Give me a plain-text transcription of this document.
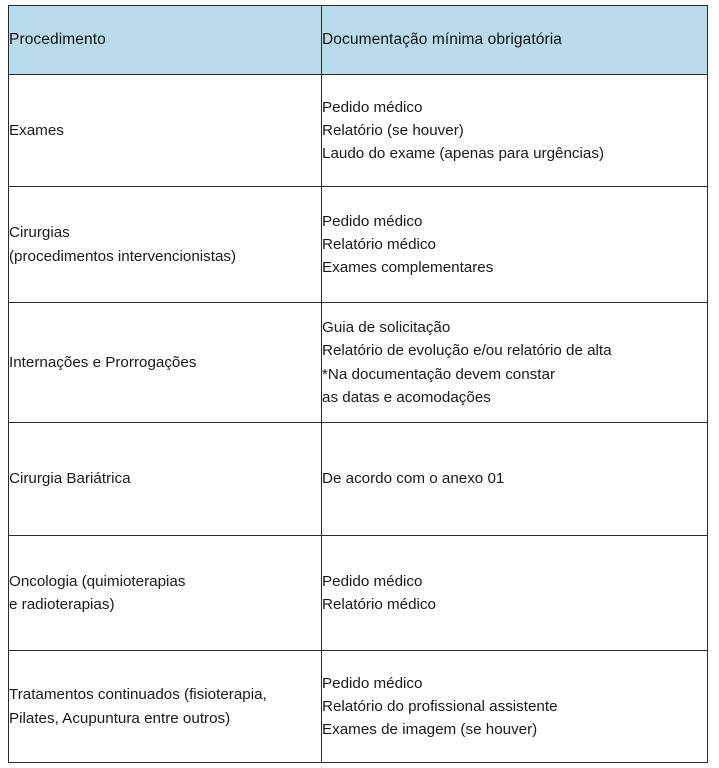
Procedimento	Documentação mínima obrigatória

Exames	Pedido médico
Relatório (se houver)
Laudo do exame (apenas para urgências)

Cirurgias
(procedimentos intervencionistas)	Pedido médico
Relatório médico
Exames complementares

Internações e Prorrogações	Guia de solicitação
Relatório de evolução e/ou relatório de alta
*Na documentação devem constar
as datas e acomodações

Cirurgia Bariátrica	De acordo com o anexo 01

Oncologia (quimioterapias
e radioterapias)	Pedido médico
Relatório médico

Tratamentos continuados (fisioterapia,
Pilates, Acupuntura entre outros)	Pedido médico
Relatório do profissional assistente
Exames de imagem (se houver)
